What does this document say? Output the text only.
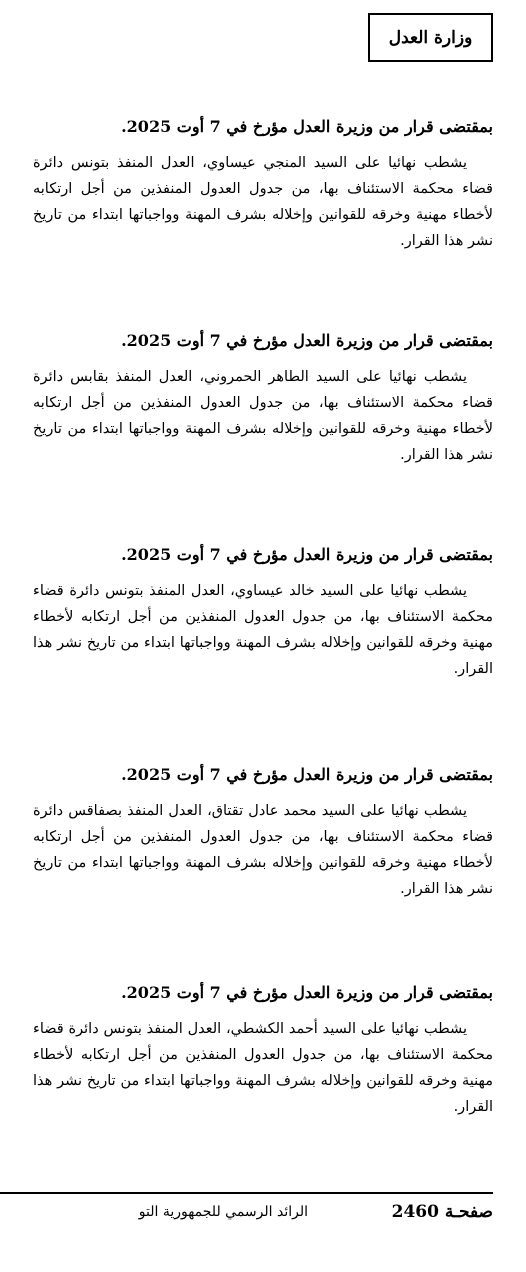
وزارة العدل
بمقتضى قرار من وزيرة العدل مؤرخ في 7 أوت 2025.

يشطب نهائيا على السيد المنجي عيساوي، العدل المنفذ بتونس دائرة قضاء محكمة الاستئناف بها، من جدول العدول المنفذين من أجل ارتكابه لأخطاء مهنية وخرقه للقوانين وإخلاله بشرف المهنة وواجباتها ابتداء من تاريخ نشر هذا القرار.

بمقتضى قرار من وزيرة العدل مؤرخ في 7 أوت 2025.

يشطب نهائيا على السيد الطاهر الحمروني، العدل المنفذ بقابس دائرة قضاء محكمة الاستئناف بها، من جدول العدول المنفذين من أجل ارتكابه لأخطاء مهنية وخرقه للقوانين وإخلاله بشرف المهنة وواجباتها ابتداء من تاريخ نشر هذا القرار.

بمقتضى قرار من وزيرة العدل مؤرخ في 7 أوت 2025.

يشطب نهائيا على السيد خالد عيساوي، العدل المنفذ بتونس دائرة قضاء محكمة الاستئناف بها، من جدول العدول المنفذين من أجل ارتكابه لأخطاء مهنية وخرقه للقوانين وإخلاله بشرف المهنة وواجباتها ابتداء من تاريخ نشر هذا القرار.

بمقتضى قرار من وزيرة العدل مؤرخ في 7 أوت 2025.

يشطب نهائيا على السيد محمد عادل تقتاق، العدل المنفذ بصفاقس دائرة قضاء محكمة الاستئناف بها، من جدول العدول المنفذين من أجل ارتكابه لأخطاء مهنية وخرقه للقوانين وإخلاله بشرف المهنة وواجباتها ابتداء من تاريخ نشر هذا القرار.

بمقتضى قرار من وزيرة العدل مؤرخ في 7 أوت 2025.

يشطب نهائيا على السيد أحمد الكشطي، العدل المنفذ بتونس دائرة قضاء محكمة الاستئناف بها، من جدول العدول المنفذين من أجل ارتكابه لأخطاء مهنية وخرقه للقوانين وإخلاله بشرف المهنة وواجباتها ابتداء من تاريخ نشر هذا القرار.

صفحـة 2460
الرائد الرسمي للجمهورية التو
